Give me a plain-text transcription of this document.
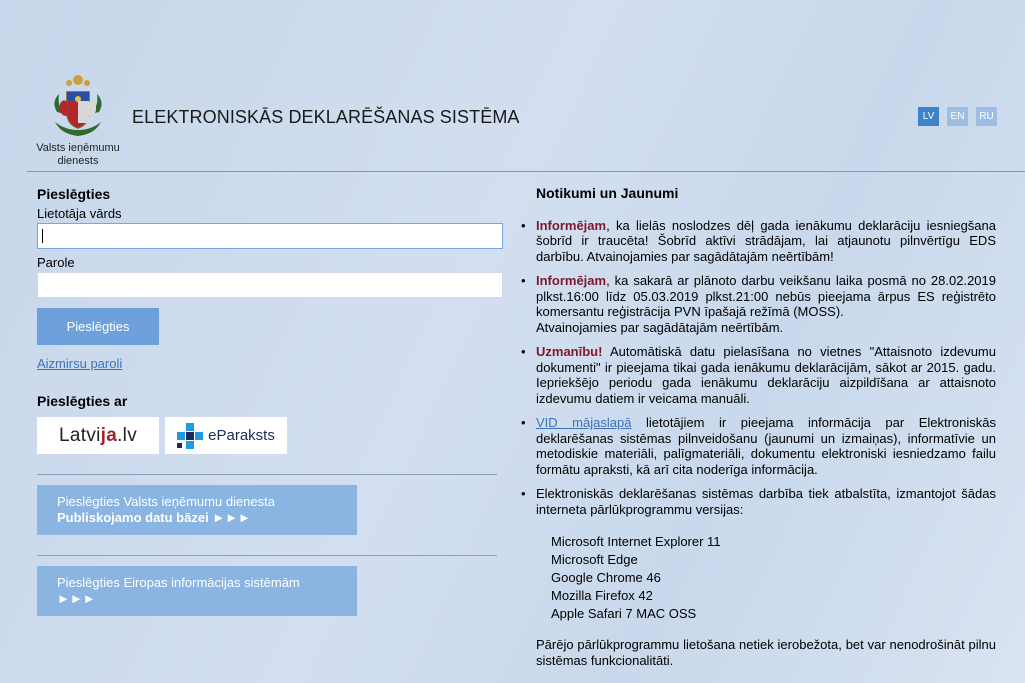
Valsts ieņēmumu
dienests
ELEKTRONISKĀS DEKLARĒŠANAS SISTĒMA	LV	EN	RU
Pieslēgties
Lietotāja vārds
Parole
Pieslēgties
Aizmirsu paroli
Pieslēgties ar
Latvija.lv	eParaksts
Pieslēgties Valsts ieņēmumu dienesta
Publiskojamo datu bāzei ►►►
Pieslēgties Eiropas informācijas sistēmām
►►►
Notikumi un Jaunumi
• Informējam, ka lielās noslodzes dēļ gada ienākumu deklarāciju iesniegšana šobrīd ir traucēta! Šobrīd aktīvi strādājam, lai atjaunotu pilnvērtīgu EDS darbību. Atvainojamies par sagādātajām neērtībām!
• Informējam, ka sakarā ar plānoto darbu veikšanu laika posmā no 28.02.2019 plkst.16:00 līdz 05.03.2019 plkst.21:00 nebūs pieejama ārpus ES reģistrēto komersantu reģistrācija PVN īpašajā režīmā (MOSS).
Atvainojamies par sagādātajām neērtībām.
• Uzmanību! Automātiskā datu pielasīšana no vietnes "Attaisnoto izdevumu dokumenti" ir pieejama tikai gada ienākumu deklarācijām, sākot ar 2015. gadu. Iepriekšējo periodu gada ienākumu deklarāciju aizpildīšana ar attaisnoto izdevumu datiem ir veicama manuāli.
• VID mājaslapā lietotājiem ir pieejama informācija par Elektroniskās deklarēšanas sistēmas pilnveidošanu (jaunumi un izmaiņas), informatīvie un metodiskie materiāli, palīgmateriāli, dokumentu elektroniski iesniedzamo failu formātu apraksti, kā arī cita noderīga informācija.
• Elektroniskās deklarēšanas sistēmas darbība tiek atbalstīta, izmantojot šādas interneta pārlūkprogrammu versijas:
Microsoft Internet Explorer 11
Microsoft Edge
Google Chrome 46
Mozilla Firefox 42
Apple Safari 7 MAC OSS
Pārējo pārlūkprogrammu lietošana netiek ierobežota, bet var nenodrošināt pilnu sistēmas funkcionalitāti.
